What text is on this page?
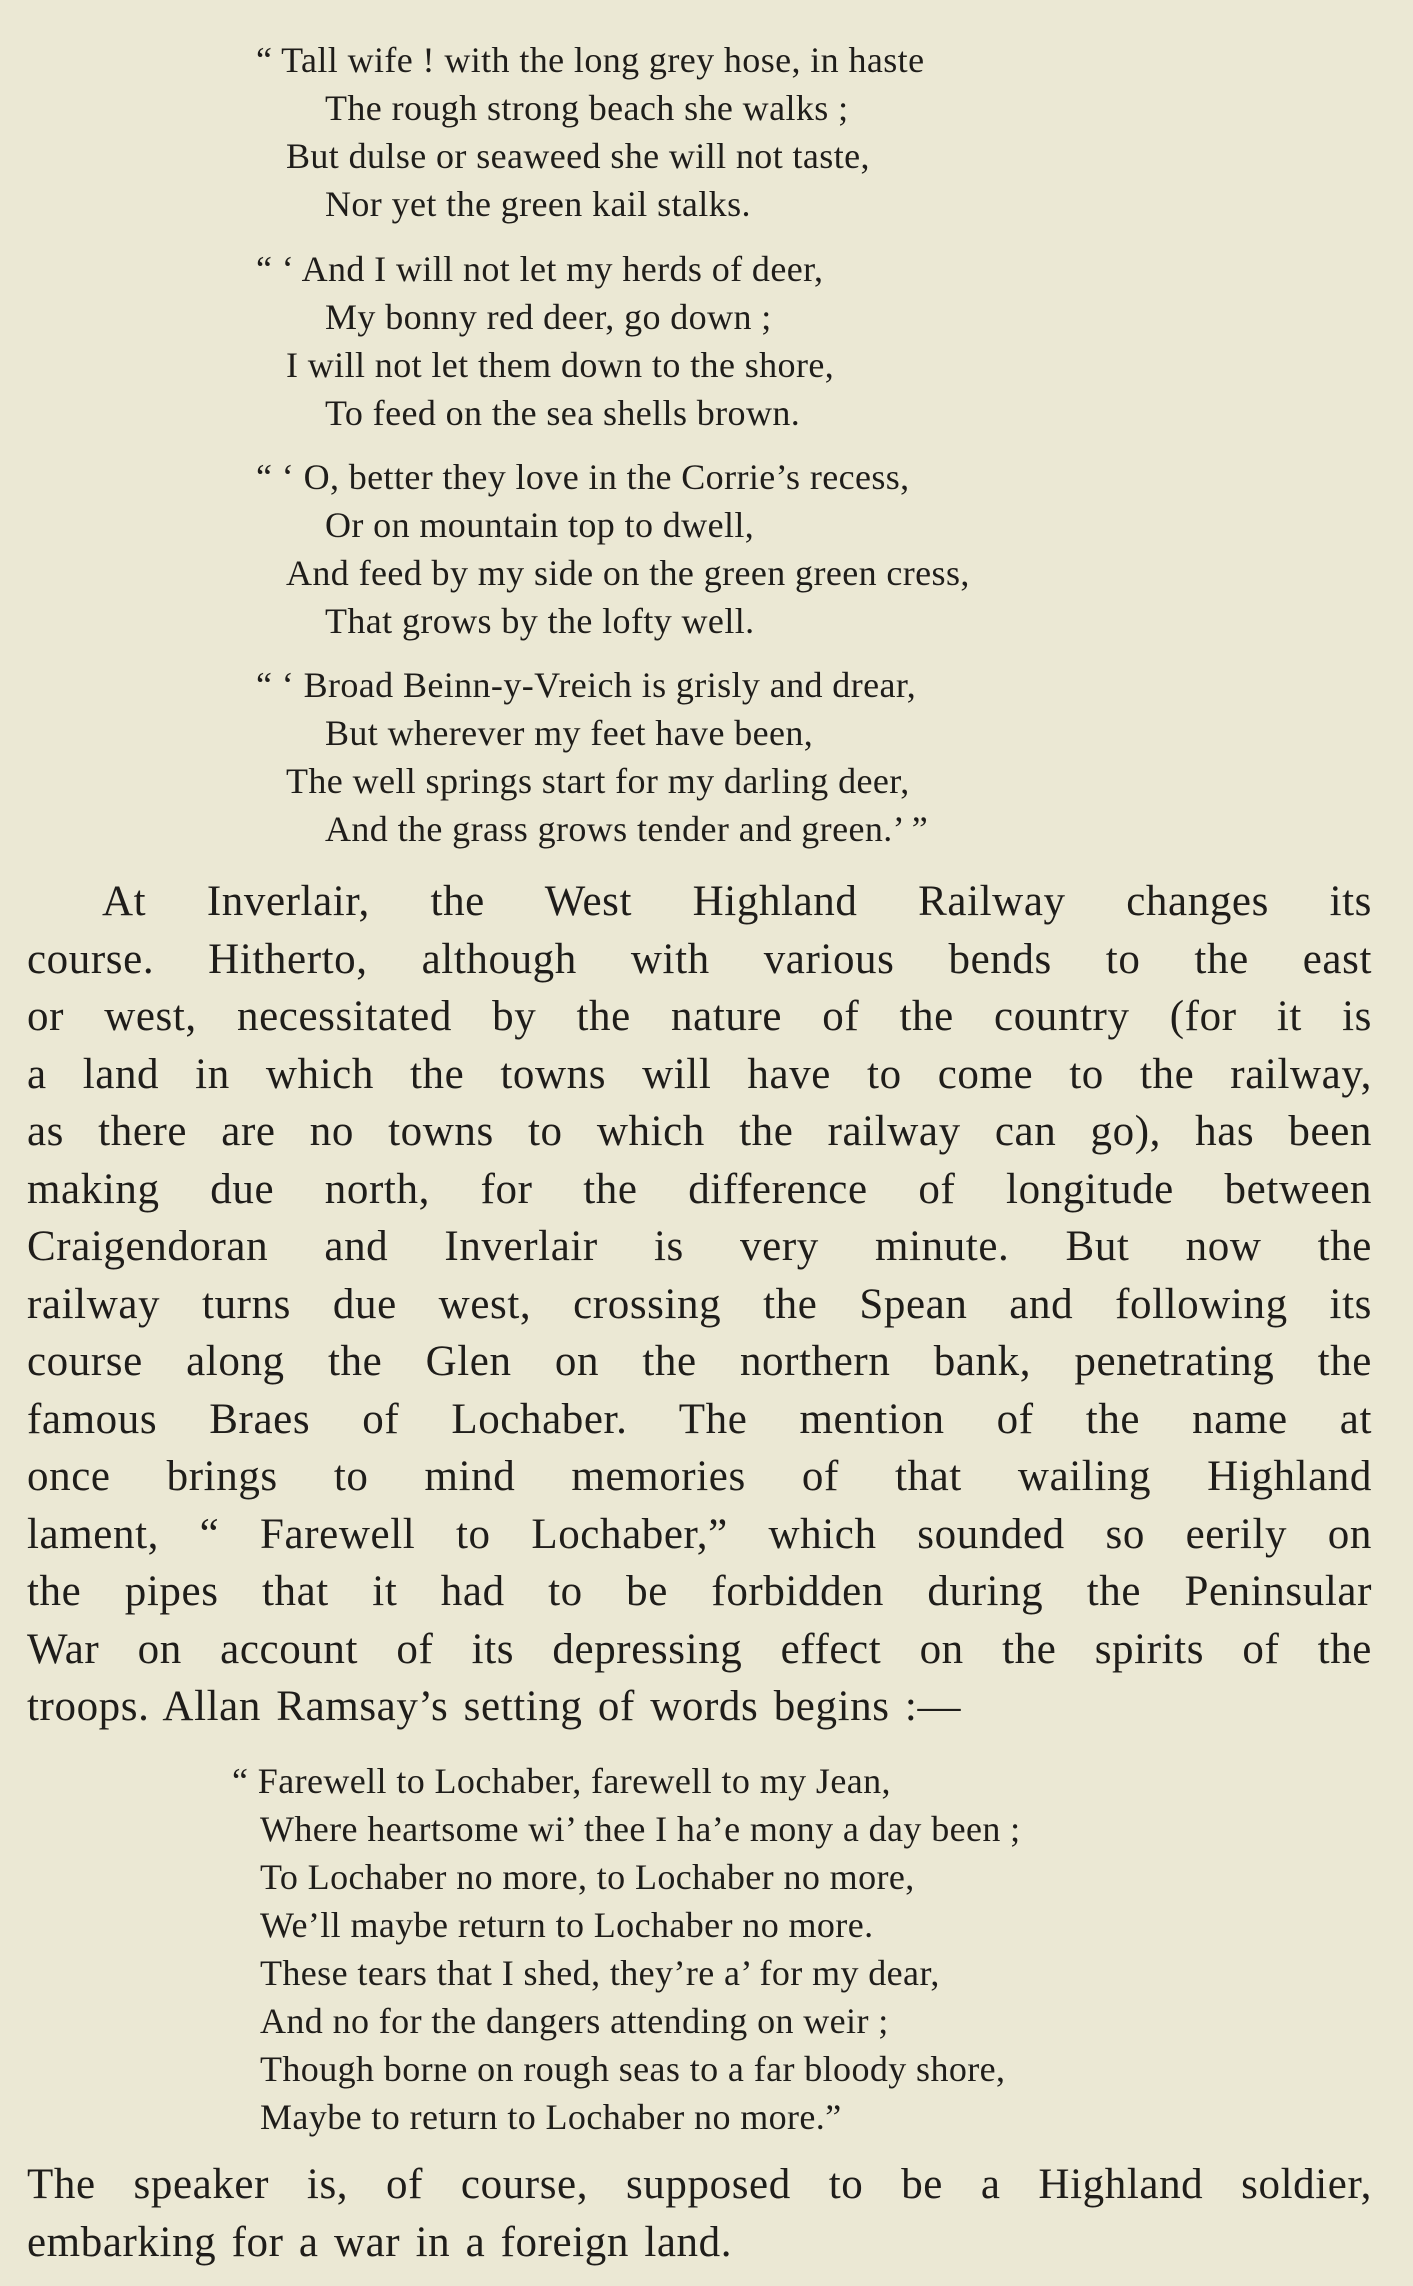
“ Tall wife ! with the long grey hose, in haste
The rough strong beach she walks ;
But dulse or seaweed she will not taste,
Nor yet the green kail stalks.
“ ‘ And I will not let my herds of deer,
My bonny red deer, go down ;
I will not let them down to the shore,
To feed on the sea shells brown.
“ ‘ O, better they love in the Corrie’s recess,
Or on mountain top to dwell,
And feed by my side on the green green cress,
That grows by the lofty well.
“ ‘ Broad Beinn-y-Vreich is grisly and drear,
But wherever my feet have been,
The well springs start for my darling deer,
And the grass grows tender and green.’ ”
At Inverlair, the West Highland Railway changes its
course. Hitherto, although with various bends to the east
or west, necessitated by the nature of the country (for it is
a land in which the towns will have to come to the railway,
as there are no towns to which the railway can go), has been
making due north, for the difference of longitude between
Craigendoran and Inverlair is very minute. But now the
railway turns due west, crossing the Spean and following its
course along the Glen on the northern bank, penetrating the
famous Braes of Lochaber. The mention of the name at
once brings to mind memories of that wailing Highland
lament, “ Farewell to Lochaber,” which sounded so eerily on
the pipes that it had to be forbidden during the Peninsular
War on account of its depressing effect on the spirits of the
troops. Allan Ramsay’s setting of words begins :—
“ Farewell to Lochaber, farewell to my Jean,
Where heartsome wi’ thee I ha’e mony a day been ;
To Lochaber no more, to Lochaber no more,
We’ll maybe return to Lochaber no more.
These tears that I shed, they’re a’ for my dear,
And no for the dangers attending on weir ;
Though borne on rough seas to a far bloody shore,
Maybe to return to Lochaber no more.”
The speaker is, of course, supposed to be a Highland soldier,
embarking for a war in a foreign land.
